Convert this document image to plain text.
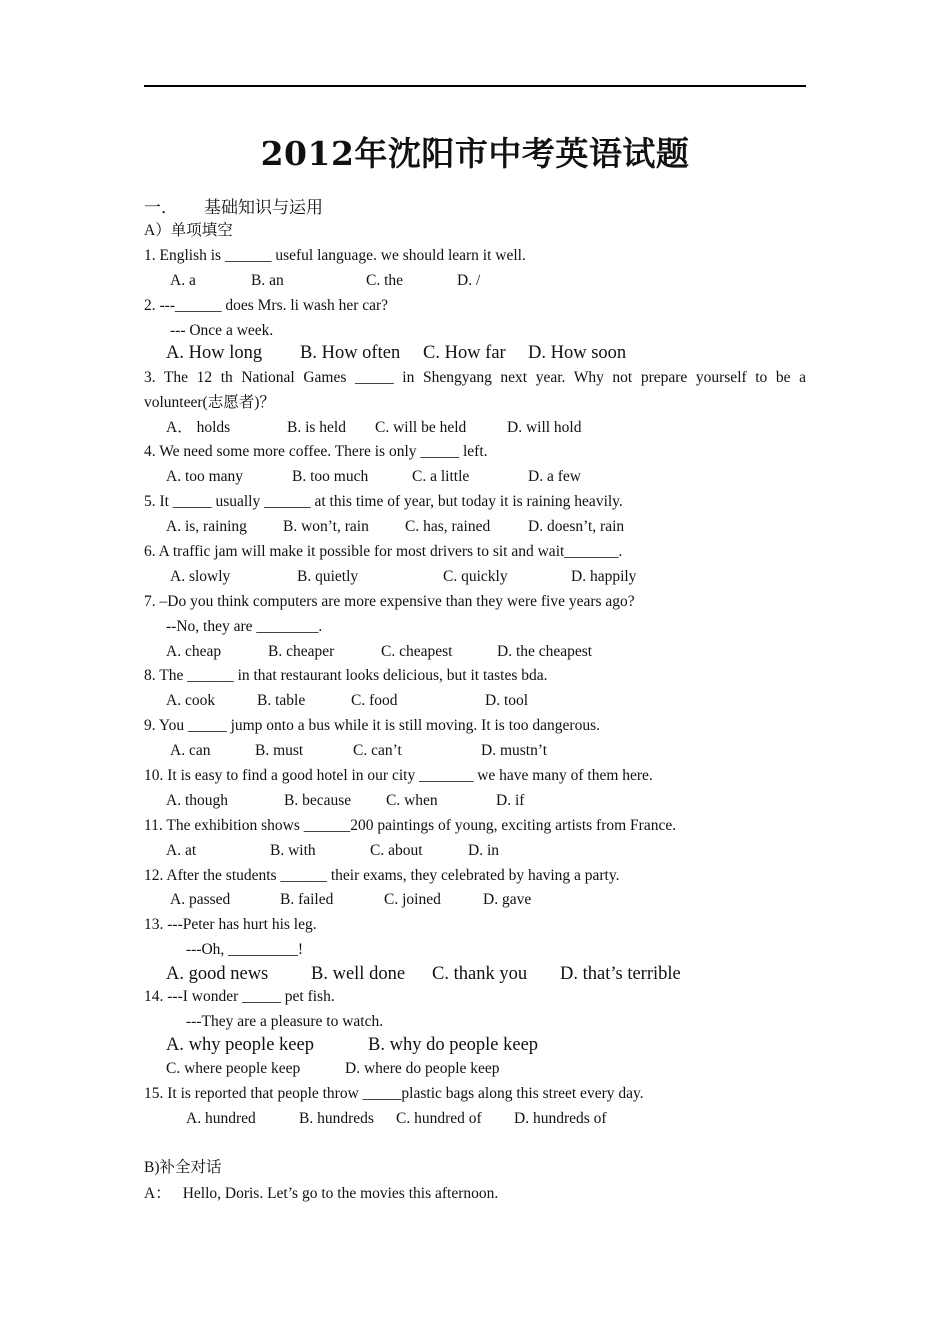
2012年沈阳市中考英语试题
一． 基础知识与运用
A）单项填空
1. English is ______ useful language. we should learn it well.
A. a	B. an	C. the	D. /
2. ---______ does Mrs. li wash her car?
--- Once a week.
A. How long B. How often C. How far D. How soon
3. The 12 th National Games _____ in Shengyang next year. Why not prepare yourself to be a
volunteer(志愿者)？
A． holds	B. is held C. will be held	D. will hold
4. We need some more coffee. There is only _____ left.
A. too many	B. too much	C. a little	D. a few
5. It _____ usually ______ at this time of year, but today it is raining heavily.
A. is, raining B. won’t, rain C. has, rained D. doesn’t, rain
6. A traffic jam will make it possible for most drivers to sit and wait_______.
A. slowly	B. quietly	C. quickly	D. happily
7. –Do you think computers are more expensive than they were five years ago?
--No, they are ________.
A. cheap	B. cheaper	C. cheapest	D. the cheapest
8. The ______ in that restaurant looks delicious, but it tastes bda.
A. cook	B. table	C. food	D. tool
9. You _____ jump onto a bus while it is still moving. It is too dangerous.
A. can	B. must	C. can’t	D. mustn’t
10. It is easy to find a good hotel in our city _______ we have many of them here.
A. though	B. because C. when	D. if
11. The exhibition shows ______200 paintings of young, exciting artists from France.
A. at	B. with	C. about	D. in
12. After the students ______ their exams, they celebrated by having a party.
A. passed	B. failed	C. joined	D. gave
13. ---Peter has hurt his leg.
---Oh, _________!
A. good news B. well done C. thank you D. that’s terrible
14. ---I wonder _____ pet fish.
---They are a pleasure to watch.
A. why people keep	B. why do people keep
C. where people keep	D. where do people keep
15. It is reported that people throw _____plastic bags along this street every day.
A. hundred	B. hundreds C. hundred of D. hundreds of
B)补全对话
A： Hello, Doris. Let’s go to the movies this afternoon.
